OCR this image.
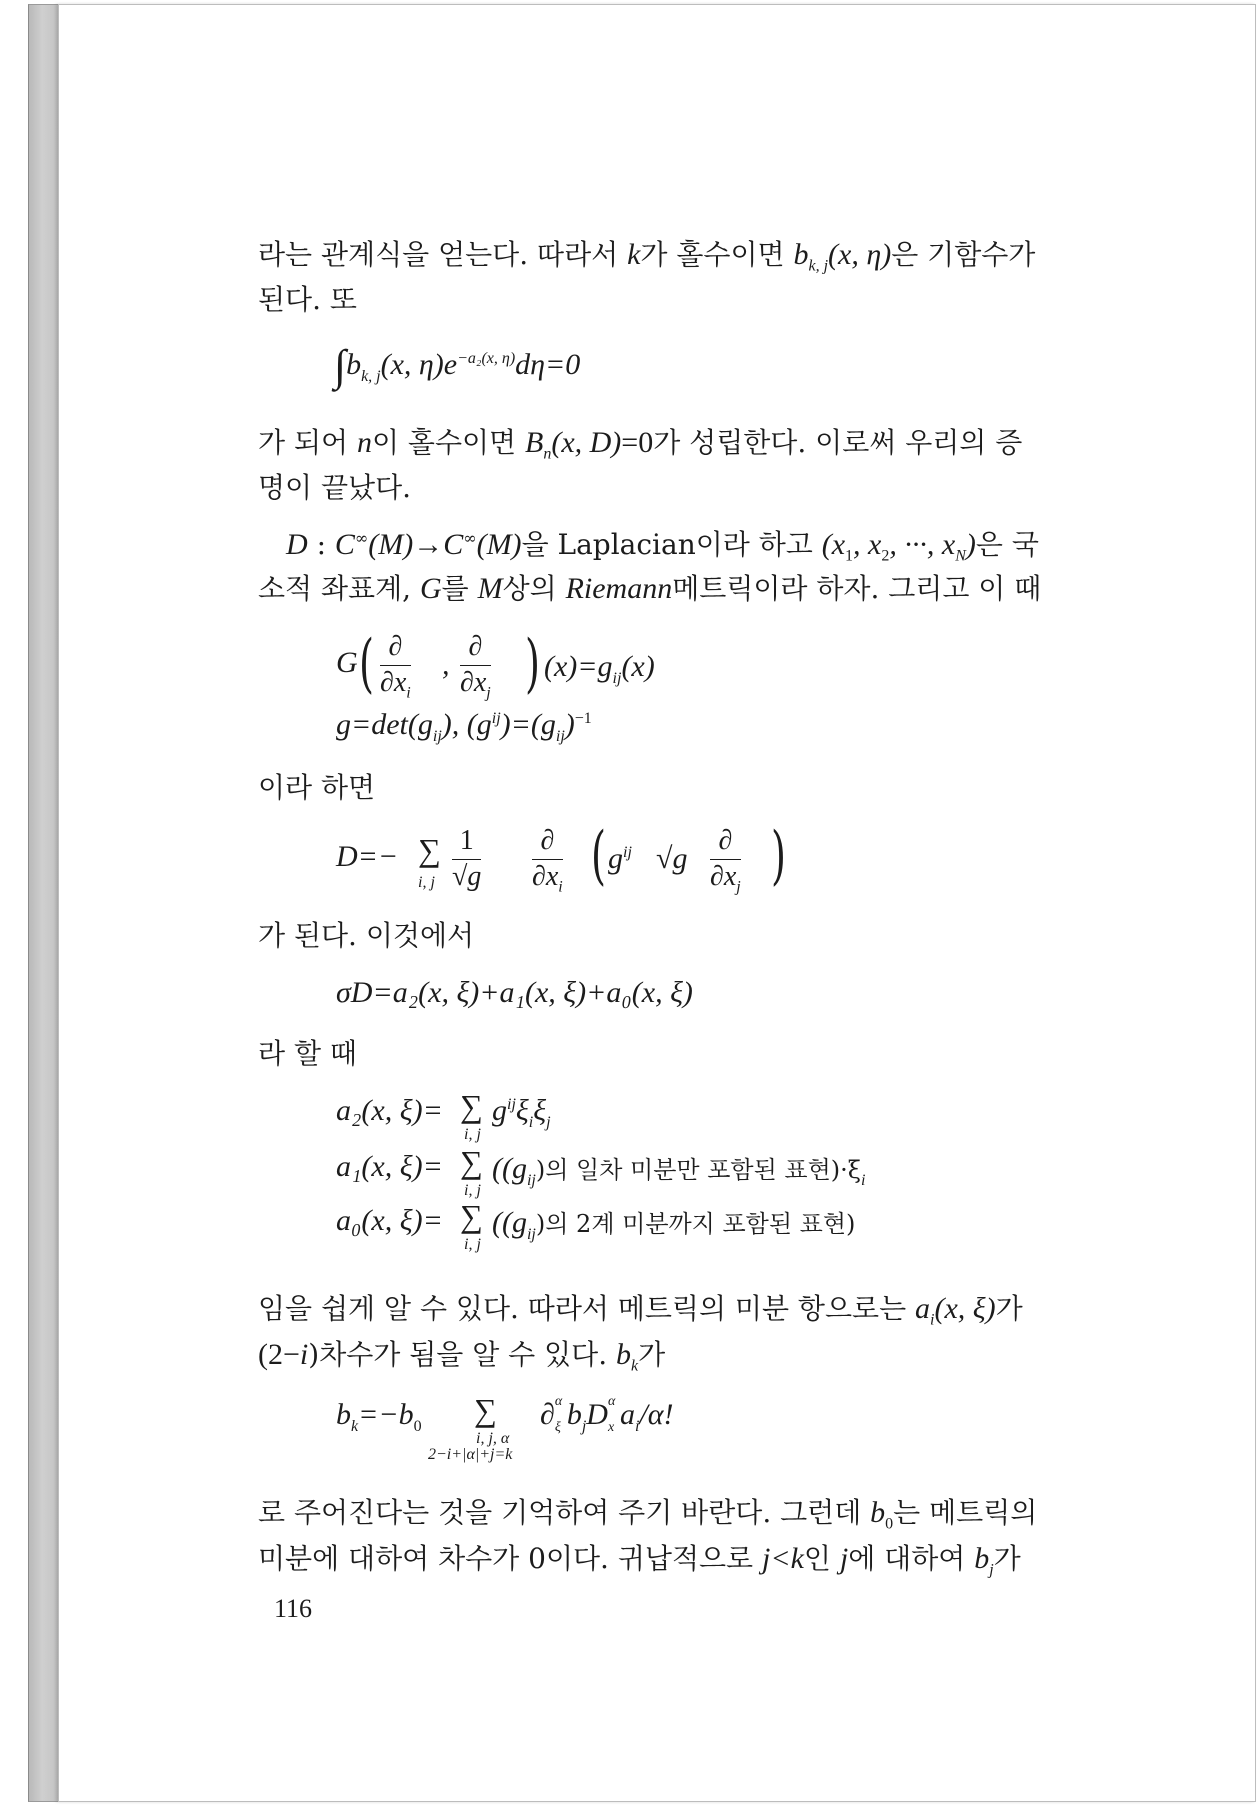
라는 관계식을 얻는다. 따라서 k가 홀수이면 $b_{k, j}(x$, η)은 기함수가
된다. 또
$\int b_{k, j}(x$, $\eta)e^{-a_2(x, \eta)}d\eta=0$
가 되어 n이 홀수이면 $B_n(x$, D)=0가 성립한다. 이로써 우리의 증
명이 끝났다.
D : C∞(M)→C∞(M)을 Laplacian이라 하고 ($x_1$, $x_2$, ···, $x_N$)은 국
소적 좌표계, G를 M상의 Riemann메트릭이라 하자. 그리고 이 때
G ( ∂
$\partial x_i$
,
∂
$\partial x_j$ ) $(x)=g_{ij}(x)$
$g=\det(g_{ij})$, $(g^{ij})=(g_{ij})^{-1}$
이라 하면
D=− ∑
i, j $\frac{1}{√g}$	∂
$\partial x_i$ ( $g^{ij}$ √g
∂
$\partial x_j$ )
가 된다. 이것에서
σD=a₂(x, ξ)+a₁(x, ξ)+a₀(x, ξ)
라 할 때
a₂(x, ξ)= ∑
i, j
$g^{ij}\xi_i\xi_j$
a₁(x, ξ)= ∑
i, j
($(g_{ij})$의 일차 미분만 포함된 표현)$\cdot\xi_i$
a₀(x, ξ)= ∑
i, j
($(g_{ij})$의 2계 미분까지 포함된 표현)
임을 쉽게 알 수 있다. 따라서 메트릭의 미분 항으로는 $a_i(x$, ξ)가
(2−i)차수가 됨을 알 수 있다. $b_k$가
$b_k=-b_0$ ∑
i, j, α
2−i+|α|+j=k
∂ α
ξ $b_jD$ α
x $a_i/\alpha$!
로 주어진다는 것을 기억하여 주기 바란다. 그런데 $b_0$는 메트릭의
미분에 대하여 차수가 0이다. 귀납적으로 j<k인 j에 대하여 $b_j$가
116
